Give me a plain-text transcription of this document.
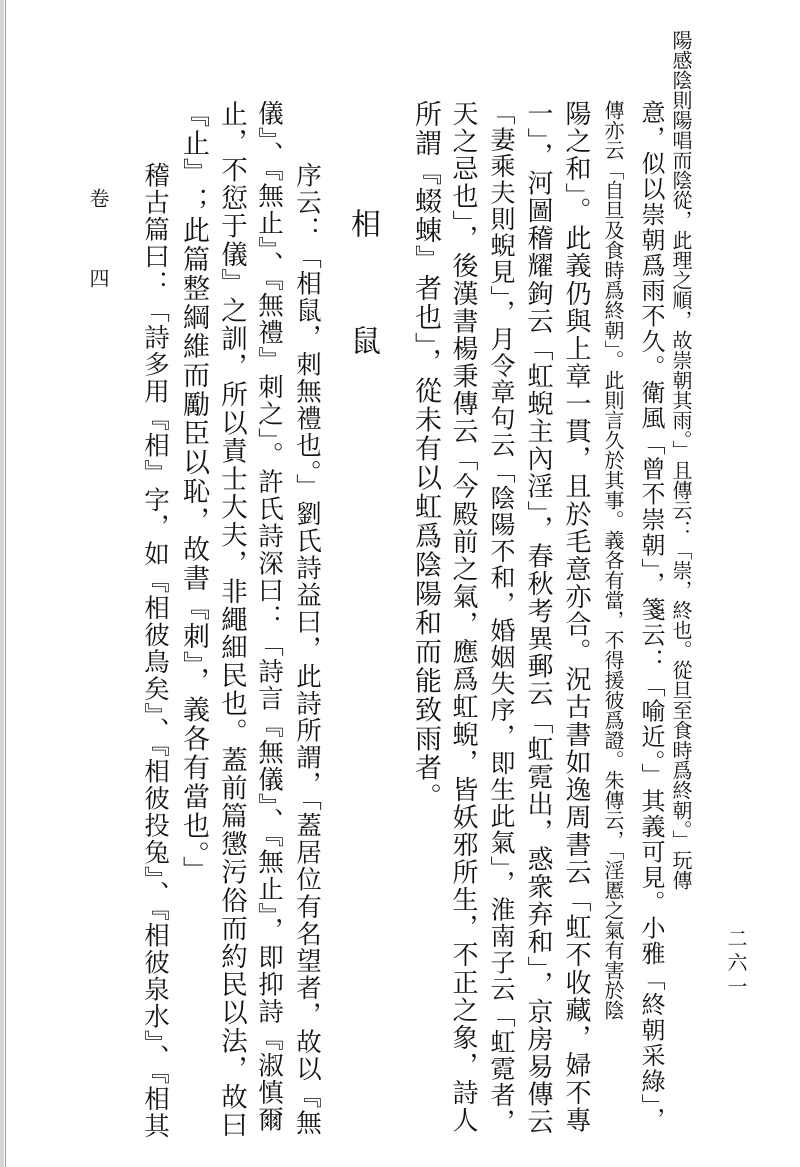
二六一
卷 四	陽感陰則陽唱而陰從，此理之順，故崇朝其雨。」且傳云：「崇，終也。從旦至食時爲終朝。」玩傳
意，似以崇朝爲雨不久。衛風「曾不崇朝」，箋云：「喻近。」其義可見。小雅「終朝采綠」，
傳亦云「自旦及食時爲終朝」。此則言久於其事。義各有當，不得援彼爲證。朱傳云，「淫慝之氣有害於陰
陽之和」。此義仍與上章一貫，且於毛意亦合。況古書如逸周書云「虹不收藏，婦不專
一」，河圖稽耀鉤云「虹蜺主內淫」，春秋考異郵云「虹霓出，惑衆弃和」，京房易傳云
「妻乘夫則蜺見」，月令章句云「陰陽不和，婚姻失序，即生此氣」，淮南子云「虹霓者，
天之忌也」，後漢書楊秉傳云「今殿前之氣，應爲虹蜺，皆妖邪所生，不正之象，詩人
所謂『蝃蝀』者也」，從未有以虹爲陰陽和而能致雨者。
相 鼠
序云：「相鼠，刺無禮也。」劉氏詩益曰，此詩所謂，「蓋居位有名望者，故以『無
儀』、『無止』、『無禮』刺之」。許氏詩深曰：「詩言『無儀』、『無止』，即抑詩『淑慎爾
止，不愆于儀』之訓，所以責士大夫，非繩細民也。蓋前篇懲污俗而約民以法，故曰
『止』；此篇整綱維而勵臣以恥，故書『刺』，義各有當也。」
稽古篇曰：「詩多用『相』字，如『相彼鳥矣』、『相彼投兔』、『相彼泉水』、『相其
